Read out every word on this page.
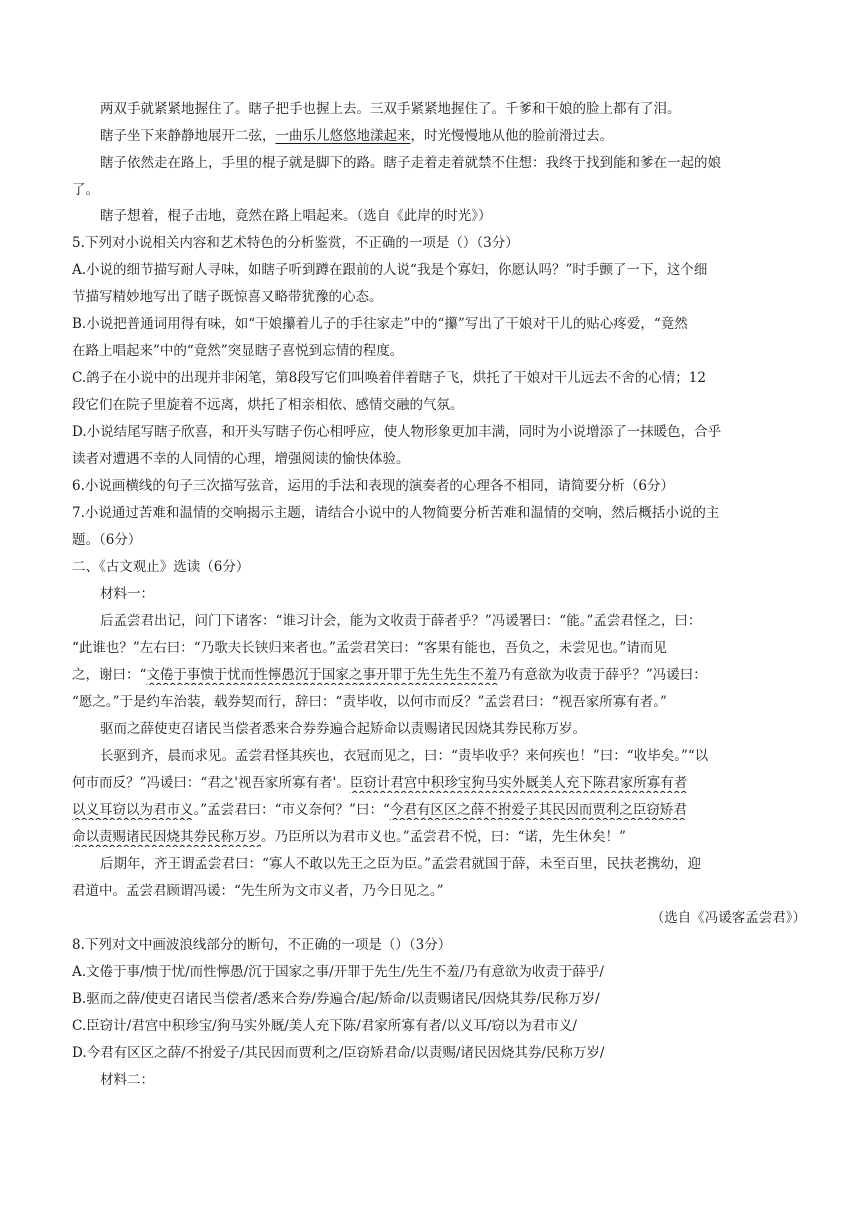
两双手就紧紧地握住了。瞎子把手也握上去。三双手紧紧地握住了。千爹和干娘的脸上都有了泪。
瞎子坐下来静静地展开二弦，一曲乐儿悠悠地漾起来，时光慢慢地从他的脸前滑过去。
瞎子依然走在路上，手里的棍子就是脚下的路。瞎子走着走着就禁不住想：我终于找到能和爹在一起的娘
了。
瞎子想着，棍子击地，竟然在路上唱起来。（选自《此岸的时光》）
5.下列对小说相关内容和艺术特色的分析鉴赏，不正确的一项是（）（3分）
A.小说的细节描写耐人寻味，如瞎子听到蹲在跟前的人说“我是个寡妇，你愿认吗？”时手颤了一下，这个细
节描写精妙地写出了瞎子既惊喜又略带犹豫的心态。
B.小说把普通词用得有味，如“干娘攥着儿子的手往家走”中的“攥”写出了干娘对干儿的贴心疼爱，“竟然
在路上唱起来”中的“竟然”突显瞎子喜悦到忘情的程度。
C.鸽子在小说中的出现并非闲笔，第8段写它们叫唤着伴着瞎子飞，烘托了干娘对干儿远去不舍的心情；12
段它们在院子里旋着不远离，烘托了相亲相依、感情交融的气氛。
D.小说结尾写瞎子欣喜，和开头写瞎子伤心相呼应，使人物形象更加丰满，同时为小说增添了一抹暖色，合乎
读者对遭遇不幸的人同情的心理，增强阅读的愉快体验。
6.小说画横线的句子三次描写弦音，运用的手法和表现的演奏者的心理各不相同，请简要分析（6分）
7.小说通过苦难和温情的交响揭示主题，请结合小说中的人物简要分析苦难和温情的交响，然后概括小说的主
题。（6分）
二、《古文观止》选读（6分）
材料一：
后孟尝君出记，问门下诸客：“谁习计会，能为文收责于薛者乎？”冯谖署曰：“能。”孟尝君怪之，曰：
“此谁也？”左右曰：“乃歌夫长铗归来者也。”孟尝君笑曰：“客果有能也，吾负之，未尝见也。”请而见
之，谢曰：“文倦于事愦于忧而性懧愚沉于国家之事开罪于先生先生不羞乃有意欲为收责于薛乎？”冯谖曰：
“愿之。”于是约车治装，载券契而行，辞曰：“责毕收，以何市而反？”孟尝君曰：“视吾家所寡有者。”
驱而之薛使吏召诸民当偿者悉来合券券遍合起矫命以责赐诸民因烧其券民称万岁。
长驱到齐，晨而求见。孟尝君怪其疾也，衣冠而见之，曰：“责毕收乎？来何疾也！”曰：“收毕矣。”“以
何市而反？”冯谖曰：“君之'视吾家所寡有者'。臣窃计君宫中积珍宝狗马实外厩美人充下陈君家所寡有者
以义耳窃以为君市义。”孟尝君曰：“市义奈何？”曰：“今君有区区之薛不拊爱子其民因而贾利之臣窃矫君
命以责赐诸民因烧其券民称万岁。乃臣所以为君市义也。”孟尝君不悦，曰：“诺，先生休矣！”
后期年，齐王谓孟尝君曰：“寡人不敢以先王之臣为臣。”孟尝君就国于薛，未至百里，民扶老携幼，迎
君道中。孟尝君顾谓冯谖：“先生所为文市义者，乃今日见之。”
（选自《冯谖客孟尝君》）
8.下列对文中画波浪线部分的断句，不正确的一项是（）（3分）
A.文倦于事/愦于忧/而性懧愚/沉于国家之事/开罪于先生/先生不羞/乃有意欲为收责于薛乎/
B.驱而之薛/使吏召诸民当偿者/悉来合券/券遍合/起/矫命/以责赐诸民/因烧其券/民称万岁/
C.臣窃计/君宫中积珍宝/狗马实外厩/美人充下陈/君家所寡有者/以义耳/窃以为君市义/
D.今君有区区之薛/不拊爱子/其民因而贾利之/臣窃矫君命/以责赐/诸民因烧其券/民称万岁/
材料二：
